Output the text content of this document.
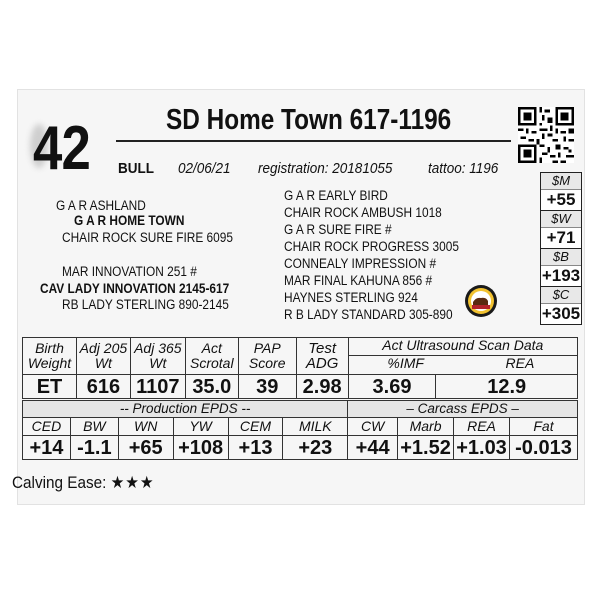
42	SD Home Town 617-1196
BULL 02/06/21 registration: 20181055 tattoo: 1196
G A R ASHLAND
G A R HOME TOWN
CHAIR ROCK SURE FIRE 6095
MAR INNOVATION 251 #
CAV LADY INNOVATION 2145-617
RB LADY STERLING 890-2145
G A R EARLY BIRD
CHAIR ROCK AMBUSH 1018
G A R SURE FIRE #
CHAIR ROCK PROGRESS 3005
CONNEALY IMPRESSION #
MAR FINAL KAHUNA 856 #
HAYNES STERLING 924
R B LADY STANDARD 305-890
$M
+55
$W
+71
$B
+193
$C
+305
Birth Weight	Adj 205 Wt	Adj 365 Wt	Act Scrotal	PAP Score	Test ADG	Act Ultrasound Scan Data
%IMF REA	

ET	616	1107	35.0	39	2.98	3.69	12.9
-- Production EPDS --						– Carcass EPDS –			
CED	BW	WN	YW	CEM	MILK	CW	Marb	REA	Fat
+14	-1.1	+65	+108	+13	+23	+44	+1.52	+1.03	-0.013
Calving Ease: ★★★
